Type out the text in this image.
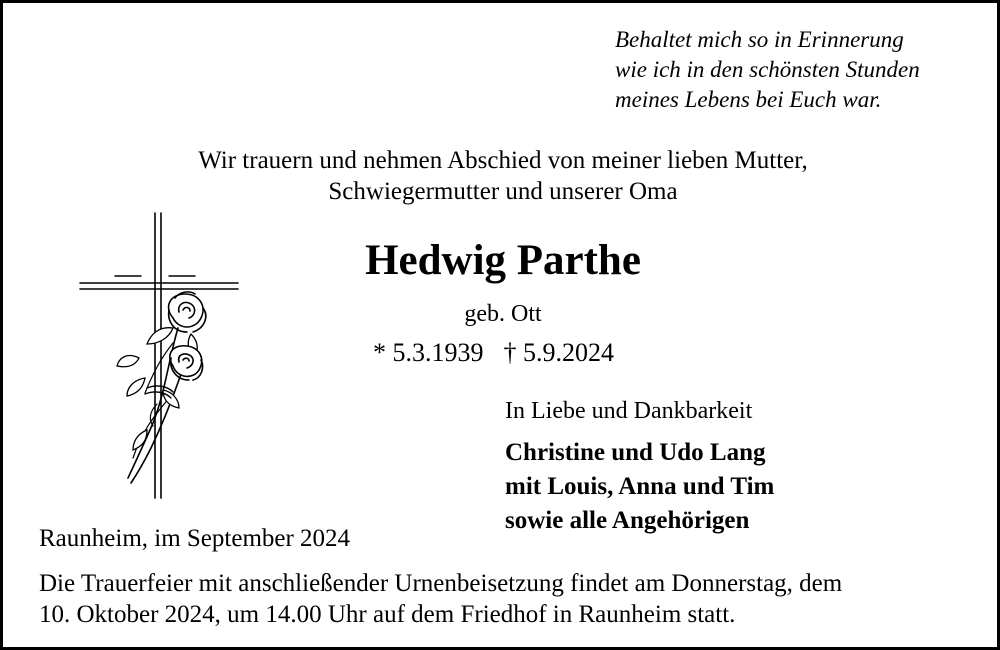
Behaltet mich so in Erinnerung
wie ich in den schönsten Stunden
meines Lebens bei Euch war.
Wir trauern und nehmen Abschied von meiner lieben Mutter,
Schwiegermutter und unserer Oma
Hedwig Parthe
geb. Ott
* 5.3.1939 † 5.9.2024
In Liebe und Dankbarkeit
Christine und Udo Lang
mit Louis, Anna und Tim
sowie alle Angehörigen
Raunheim, im September 2024
Die Trauerfeier mit anschließender Urnenbeisetzung findet am Donnerstag, dem
10. Oktober 2024, um 14.00 Uhr auf dem Friedhof in Raunheim statt.
